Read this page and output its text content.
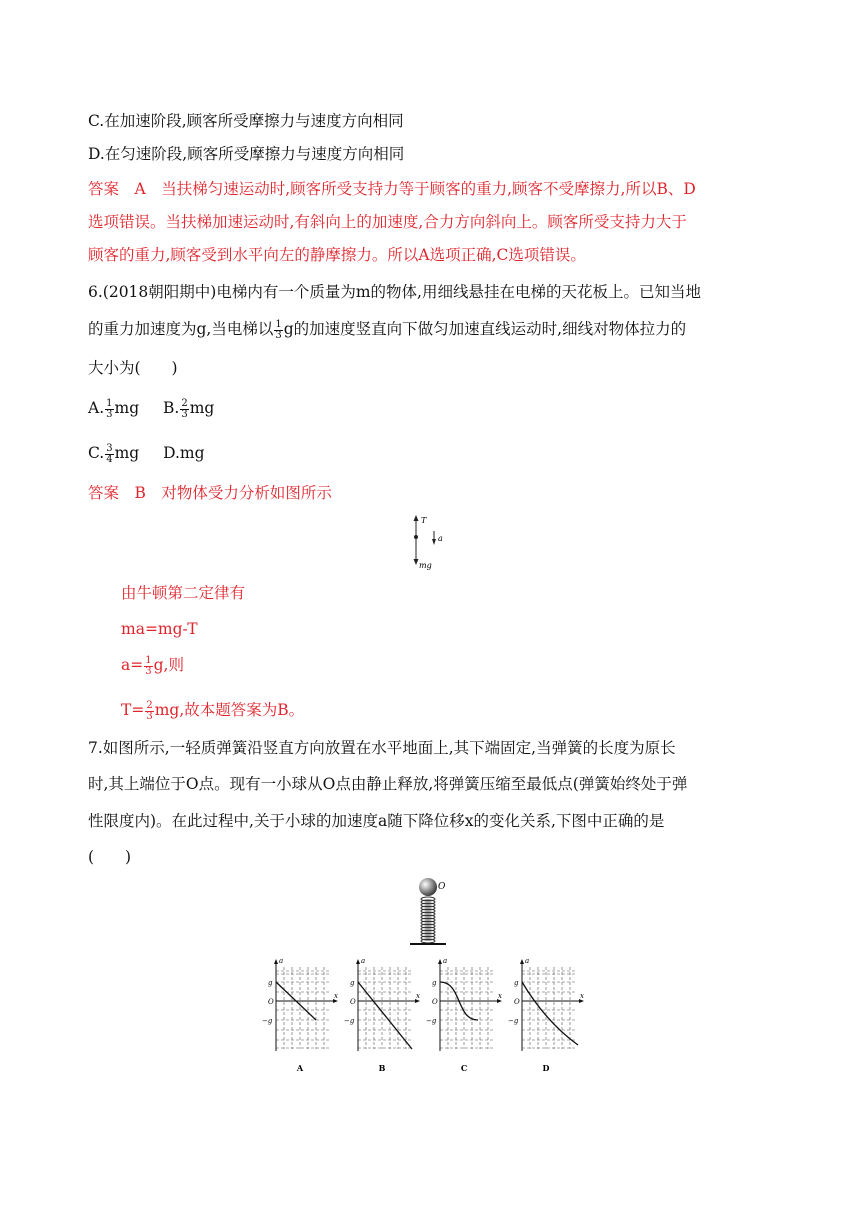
C.在加速阶段,顾客所受摩擦力与速度方向相同
D.在匀速阶段,顾客所受摩擦力与速度方向相同
答案　A　当扶梯匀速运动时,顾客所受支持力等于顾客的重力,顾客不受摩擦力,所以B、D
选项错误。当扶梯加速运动时,有斜向上的加速度,合力方向斜向上。顾客所受支持力大于
顾客的重力,顾客受到水平向左的静摩擦力。所以A选项正确,C选项错误。
6.(2018朝阳期中)电梯内有一个质量为m的物体,用细线悬挂在电梯的天花板上。已知当地
的重力加速度为g,当电梯以 $\frac{1}{3}$ g的加速度竖直向下做匀加速直线运动时,细线对物体拉力的
大小为(　　)
A. $\frac{1}{3}$ mg B. $\frac{2}{3}$ mg
C. $\frac{3}{4}$ mg D.mg
答案　B　对物体受力分析如图所示
T
a
mg
由牛顿第二定律有
ma=mg-T
$a= \frac{1}{3} g$,则
$T= \frac{2}{3}$ mg,故本题答案为B。
7.如图所示,一轻质弹簧沿竖直方向放置在水平地面上,其下端固定,当弹簧的长度为原长
时,其上端位于O点。现有一小球从O点由静止释放,将弹簧压缩至最低点(弹簧始终处于弹
性限度内)。在此过程中,关于小球的加速度a随下降位移x的变化关系,下图中正确的是
(　　)
O
a
x
g
O
−g
A
a
x
g
O
−g
B
a
x
g
O
−g
C
a
x
g
O
−g
D
